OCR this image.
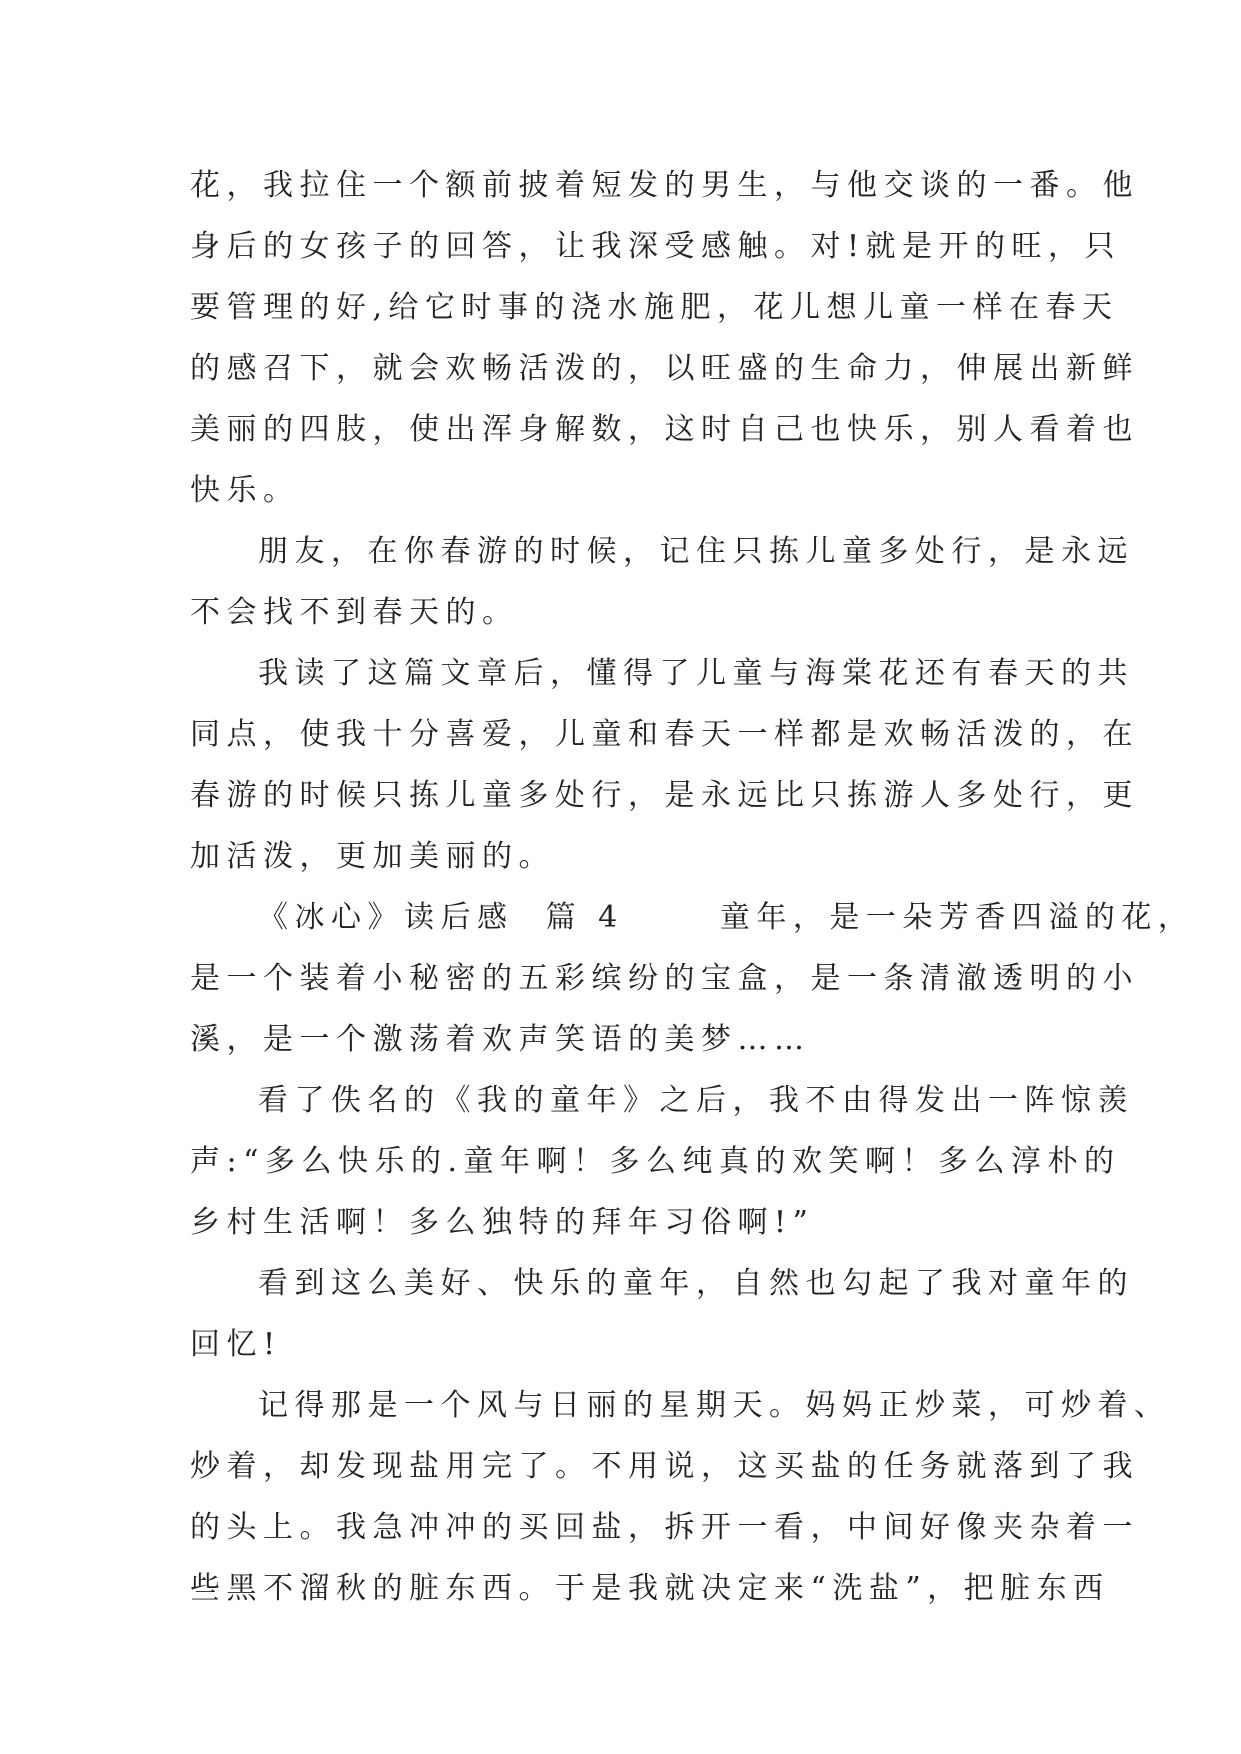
花，我拉住一个额前披着短发的男生，与他交谈的一番。他
身后的女孩子的回答，让我深受感触。对!就是开的旺，只
要管理的好,给它时事的浇水施肥，花儿想儿童一样在春天
的感召下，就会欢畅活泼的，以旺盛的生命力，伸展出新鲜
美丽的四肢，使出浑身解数，这时自己也快乐，别人看着也
快乐。
朋友，在你春游的时候，记住只拣儿童多处行，是永远
不会找不到春天的。
我读了这篇文章后，懂得了儿童与海棠花还有春天的共
同点，使我十分喜爱，儿童和春天一样都是欢畅活泼的，在
春游的时候只拣儿童多处行，是永远比只拣游人多处行，更
加活泼，更加美丽的。
《冰心》读后感  篇 4      童年，是一朵芳香四溢的花，
是一个装着小秘密的五彩缤纷的宝盒，是一条清澈透明的小
溪，是一个激荡着欢声笑语的美梦……
看了佚名的《我的童年》之后，我不由得发出一阵惊羡
声:“多么快乐的.童年啊！多么纯真的欢笑啊！多么淳朴的
乡村生活啊！多么独特的拜年习俗啊!”
看到这么美好、快乐的童年，自然也勾起了我对童年的
回忆!
记得那是一个风与日丽的星期天。妈妈正炒菜，可炒着、
炒着，却发现盐用完了。不用说，这买盐的任务就落到了我
的头上。我急冲冲的买回盐，拆开一看，中间好像夹杂着一
些黑不溜秋的脏东西。于是我就决定来“洗盐”，把脏东西
